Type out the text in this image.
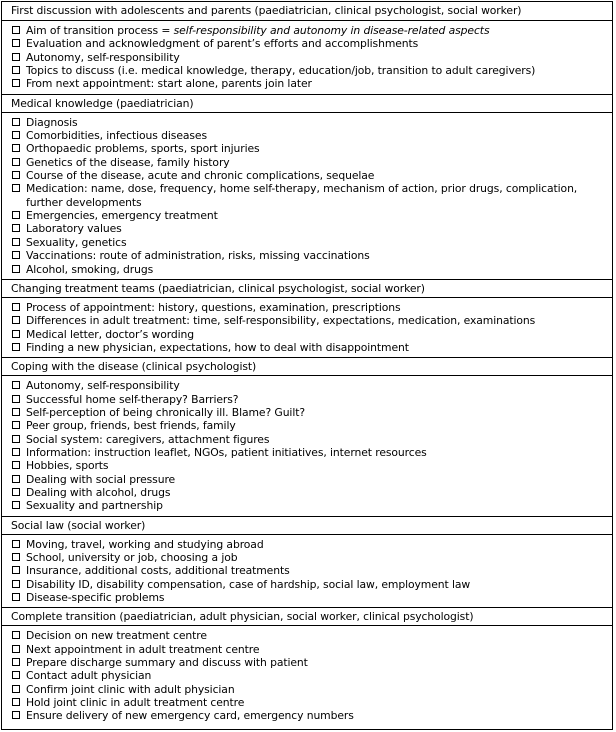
First discussion with adolescents and parents (paediatrician, clinical psychologist, social worker)
Aim of transition process = self-responsibility and autonomy in disease-related aspects
Evaluation and acknowledgment of parent’s efforts and accomplishments
Autonomy, self-responsibility
Topics to discuss (i.e. medical knowledge, therapy, education/job, transition to adult caregivers)
From next appointment: start alone, parents join later
Medical knowledge (paediatrician)
Diagnosis
Comorbidities, infectious diseases
Orthopaedic problems, sports, sport injuries
Genetics of the disease, family history
Course of the disease, acute and chronic complications, sequelae
Medication: name, dose, frequency, home self-therapy, mechanism of action, prior drugs, complication, further developments
Emergencies, emergency treatment
Laboratory values
Sexuality, genetics
Vaccinations: route of administration, risks, missing vaccinations
Alcohol, smoking, drugs
Changing treatment teams (paediatrician, clinical psychologist, social worker)
Process of appointment: history, questions, examination, prescriptions
Differences in adult treatment: time, self-responsibility, expectations, medication, examinations
Medical letter, doctor’s wording
Finding a new physician, expectations, how to deal with disappointment
Coping with the disease (clinical psychologist)
Autonomy, self-responsibility
Successful home self-therapy? Barriers?
Self-perception of being chronically ill. Blame? Guilt?
Peer group, friends, best friends, family
Social system: caregivers, attachment figures
Information: instruction leaflet, NGOs, patient initiatives, internet resources
Hobbies, sports
Dealing with social pressure
Dealing with alcohol, drugs
Sexuality and partnership
Social law (social worker)
Moving, travel, working and studying abroad
School, university or job, choosing a job
Insurance, additional costs, additional treatments
Disability ID, disability compensation, case of hardship, social law, employment law
Disease-specific problems
Complete transition (paediatrician, adult physician, social worker, clinical psychologist)
Decision on new treatment centre
Next appointment in adult treatment centre
Prepare discharge summary and discuss with patient
Contact adult physician
Confirm joint clinic with adult physician
Hold joint clinic in adult treatment centre
Ensure delivery of new emergency card, emergency numbers
